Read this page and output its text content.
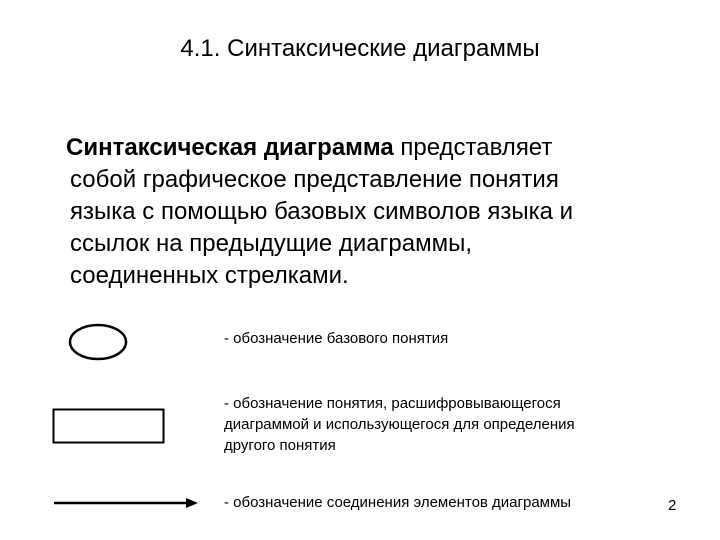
4.1. Синтаксические диаграммы
Синтаксическая диаграмма представляет
собой графическое представление понятия
языка с помощью базовых символов языка и
ссылок на предыдущие диаграммы,
соединенных стрелками.
- обозначение базового понятия
- обозначение понятия, расшифровывающегося
диаграммой и использующегося для определения
другого понятия
- обозначение соединения элементов диаграммы	2
